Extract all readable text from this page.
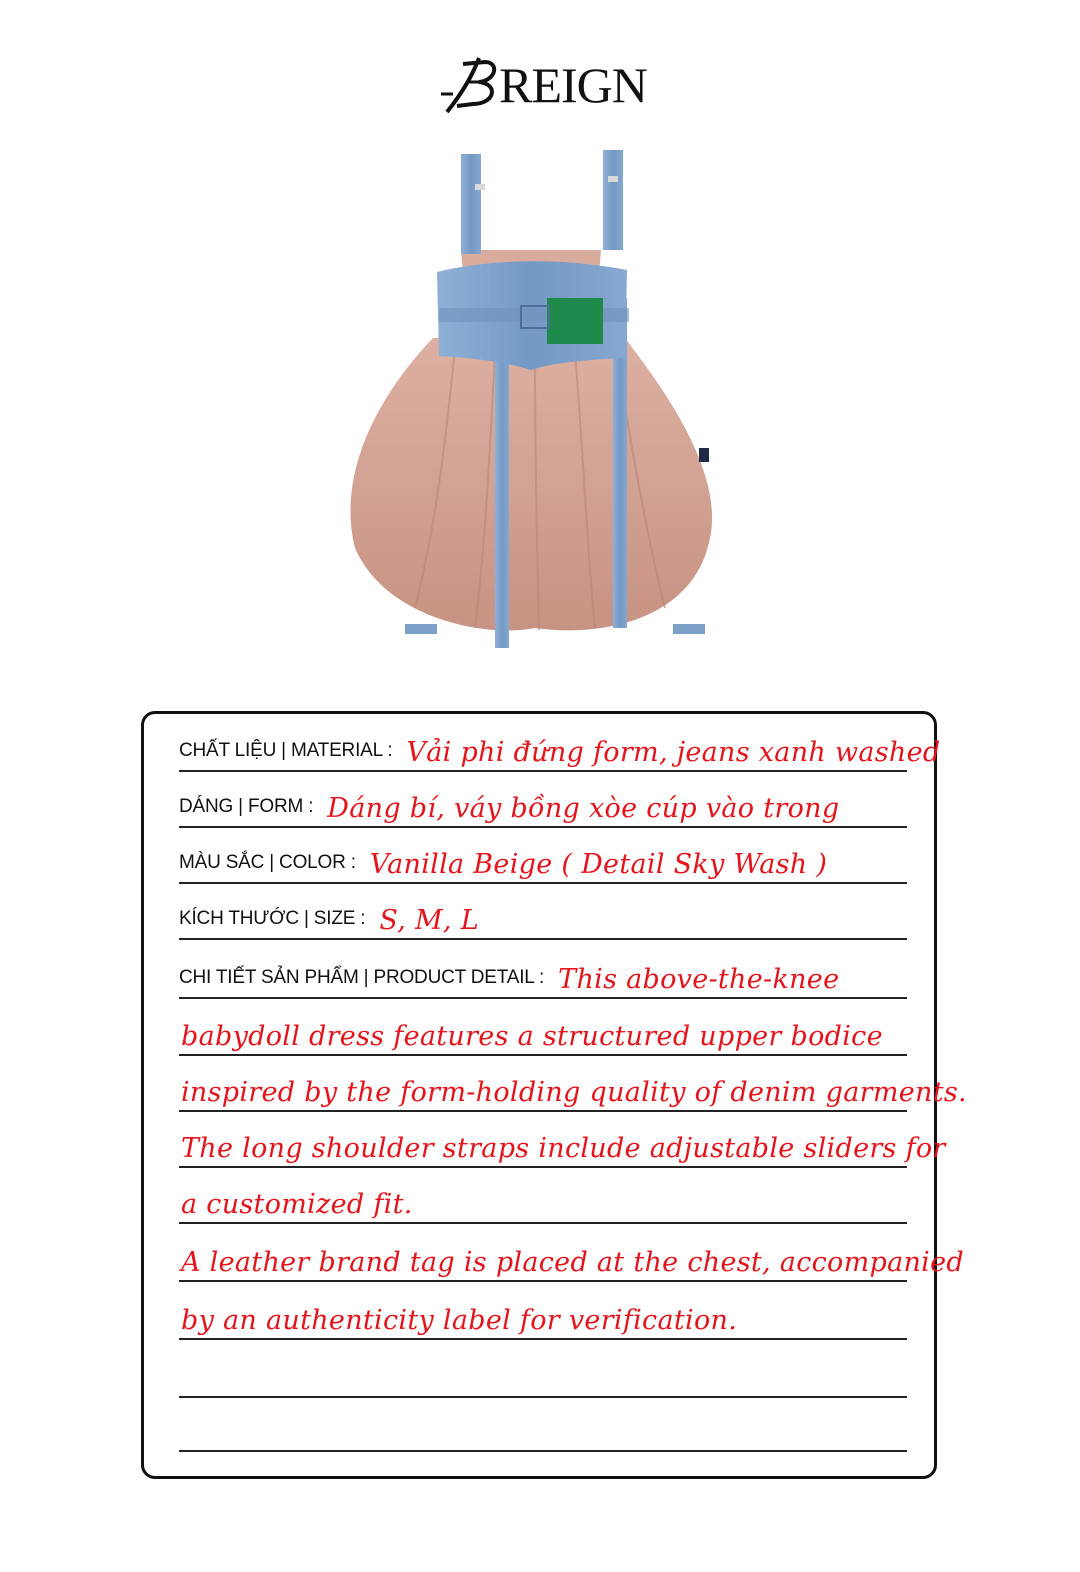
REIGN
CHẤT LIỆU | MATERIAL : Vải phi đứng form, jeans xanh washed
DÁNG | FORM : Dáng bí, váy bồng xòe cúp vào trong
MÀU SẮC | COLOR : Vanilla Beige ( Detail Sky Wash )
KÍCH THƯỚC | SIZE : S, M, L
CHI TIẾT SẢN PHẨM | PRODUCT DETAIL : This above-the-knee
babydoll dress features a structured upper bodice
inspired by the form-holding quality of denim garments.
The long shoulder straps include adjustable sliders for
a customized fit.
A leather brand tag is placed at the chest, accompanied
by an authenticity label for verification.
